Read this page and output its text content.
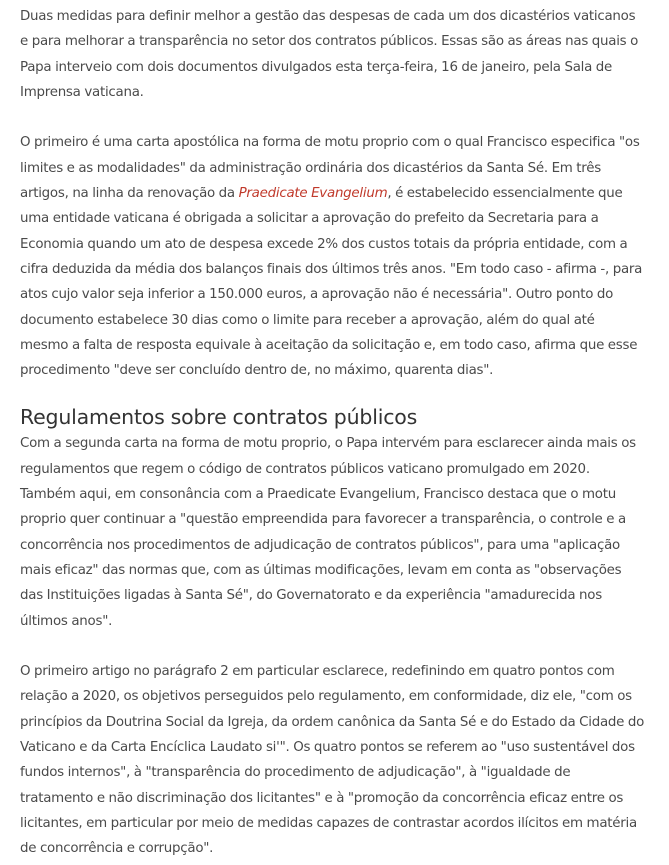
Duas medidas para definir melhor a gestão das despesas de cada um dos dicastérios vaticanos e para melhorar a transparência no setor dos contratos públicos. Essas são as áreas nas quais o Papa interveio com dois documentos divulgados esta terça-feira, 16 de janeiro, pela Sala de Imprensa vaticana.

O primeiro é uma carta apostólica na forma de motu proprio com o qual Francisco especifica "os limites e as modalidades" da administração ordinária dos dicastérios da Santa Sé. Em três artigos, na linha da renovação da Praedicate Evangelium, é estabelecido essencialmente que uma entidade vaticana é obrigada a solicitar a aprovação do prefeito da Secretaria para a Economia quando um ato de despesa excede 2% dos custos totais da própria entidade, com a cifra deduzida da média dos balanços finais dos últimos três anos. "Em todo caso - afirma -, para atos cujo valor seja inferior a 150.000 euros, a aprovação não é necessária". Outro ponto do documento estabelece 30 dias como o limite para receber a aprovação, além do qual até mesmo a falta de resposta equivale à aceitação da solicitação e, em todo caso, afirma que esse procedimento "deve ser concluído dentro de, no máximo, quarenta dias".

Regulamentos sobre contratos públicos

Com a segunda carta na forma de motu proprio, o Papa intervém para esclarecer ainda mais os regulamentos que regem o código de contratos públicos vaticano promulgado em 2020. Também aqui, em consonância com a Praedicate Evangelium, Francisco destaca que o motu proprio quer continuar a "questão empreendida para favorecer a transparência, o controle e a concorrência nos procedimentos de adjudicação de contratos públicos", para uma "aplicação mais eficaz" das normas que, com as últimas modificações, levam em conta as "observações das Instituições ligadas à Santa Sé", do Governatorato e da experiência "amadurecida nos últimos anos".

O primeiro artigo no parágrafo 2 em particular esclarece, redefinindo em quatro pontos com relação a 2020, os objetivos perseguidos pelo regulamento, em conformidade, diz ele, "com os princípios da Doutrina Social da Igreja, da ordem canônica da Santa Sé e do Estado da Cidade do Vaticano e da Carta Encíclica Laudato si'". Os quatro pontos se referem ao "uso sustentável dos fundos internos", à "transparência do procedimento de adjudicação", à "igualdade de tratamento e não discriminação dos licitantes" e à "promoção da concorrência eficaz entre os licitantes, em particular por meio de medidas capazes de contrastar acordos ilícitos em matéria de concorrência e corrupção".
